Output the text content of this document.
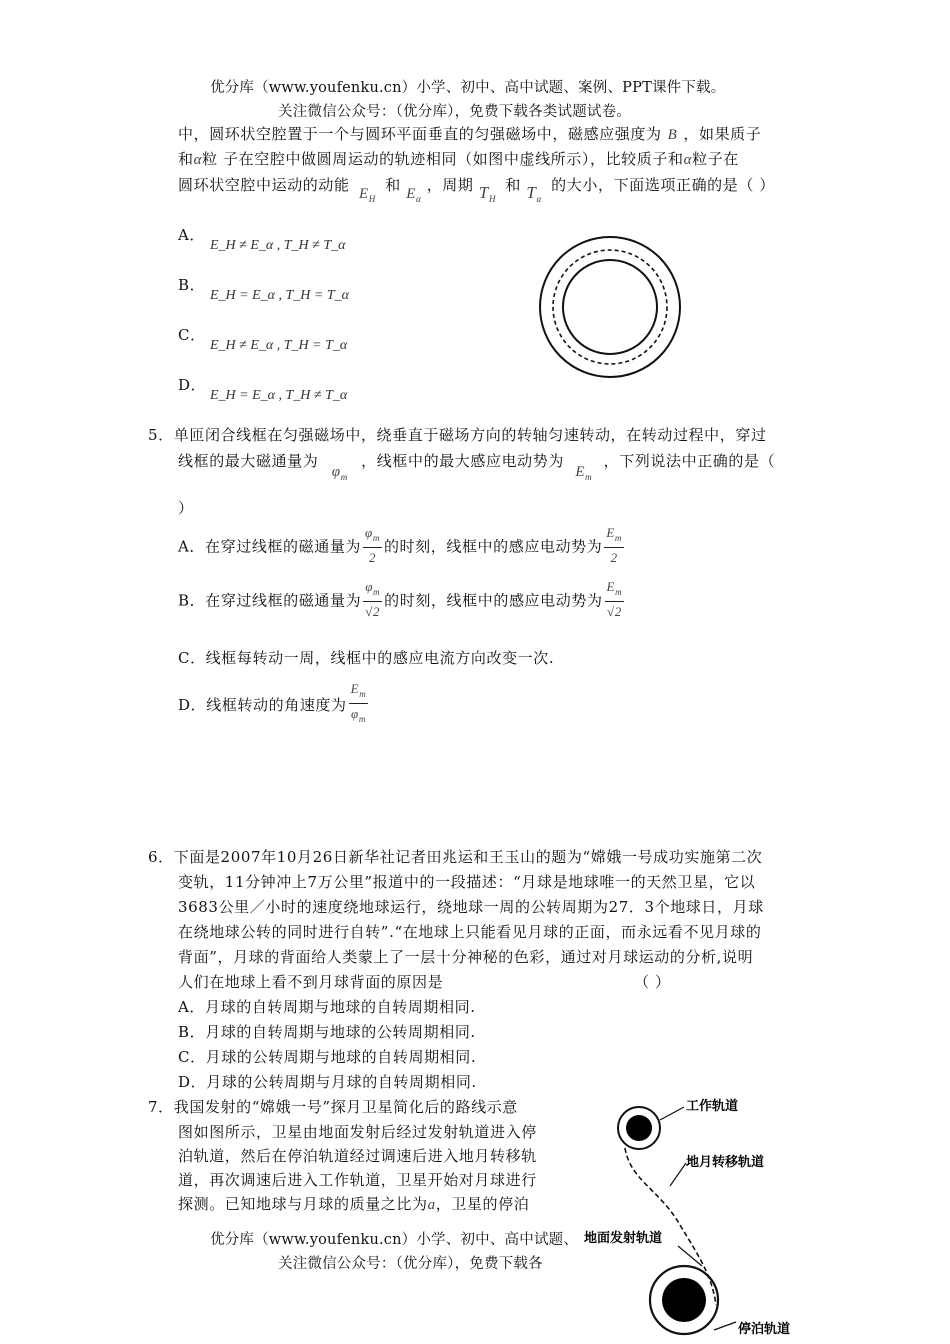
优分库（www.youfenku.cn）小学、初中、高中试题、案例、PPT课件下载。
关注微信公众号：（优分库），免费下载各类试题试卷。
中，圆环状空腔置于一个与圆环平面垂直的匀强磁场中，磁感应强度为 B ，如果质子
和α粒 子在空腔中做圆周运动的轨迹相同（如图中虚线所示），比较质子和α粒子在
圆环状空腔中运动的动能 $E_H$ 和 $E_\alpha$ ，周期 $T_H$ 和 $T_\alpha$ 的大小，下面选项正确的是（ ）
A．
E_H ≠ E_α , T_H ≠ T_α
B．
E_H = E_α , T_H = T_α
C．
E_H ≠ E_α , T_H = T_α
D．
E_H = E_α , T_H ≠ T_α
5．单匝闭合线框在匀强磁场中，绕垂直于磁场方向的转轴匀速转动，在转动过程中，穿过
线框的最大磁通量为 $\varphi_m$ ，线框中的最大感应电动势为 $E_m$ ，下列说法中正确的是（
）
A．在穿过线框的磁通量为 $\frac{\varphi_m}{2}$ 的时刻，线框中的感应电动势为 $\frac{E_m}{2}$
B．在穿过线框的磁通量为 $\frac{\varphi_m}{√2}$ 的时刻，线框中的感应电动势为 $\frac{E_m}{√2}$
C．线框每转动一周，线框中的感应电流方向改变一次.
D．线框转动的角速度为 $\frac{E_m}{\varphi_m}$
6．下面是2007年10月26日新华社记者田兆运和王玉山的题为“嫦娥一号成功实施第二次
变轨，11分钟冲上7万公里”报道中的一段描述：“月球是地球唯一的天然卫星，它以
3683公里／小时的速度绕地球运行，绕地球一周的公转周期为27．3个地球日，月球
在绕地球公转的同时进行自转”.“在地球上只能看见月球的正面，而永远看不见月球的
背面”，月球的背面给人类蒙上了一层十分神秘的色彩，通过对月球运动的分析,说明
人们在地球上看不到月球背面的原因是	（ ）
A．月球的自转周期与地球的自转周期相同.
B．月球的自转周期与地球的公转周期相同.
C．月球的公转周期与地球的自转周期相同.
D．月球的公转周期与月球的自转周期相同.
7．我国发射的“嫦娥一号”探月卫星简化后的路线示意
图如图所示，卫星由地面发射后经过发射轨道进入停
泊轨道，然后在停泊轨道经过调速后进入地月转移轨
道，再次调速后进入工作轨道，卫星开始对月球进行
探测。已知地球与月球的质量之比为a，卫星的停泊
优分库（www.youfenku.cn）小学、初中、高中试题、
关注微信公众号：（优分库），免费下载各
工作轨道
地月转移轨道
地面发射轨道
停泊轨道
